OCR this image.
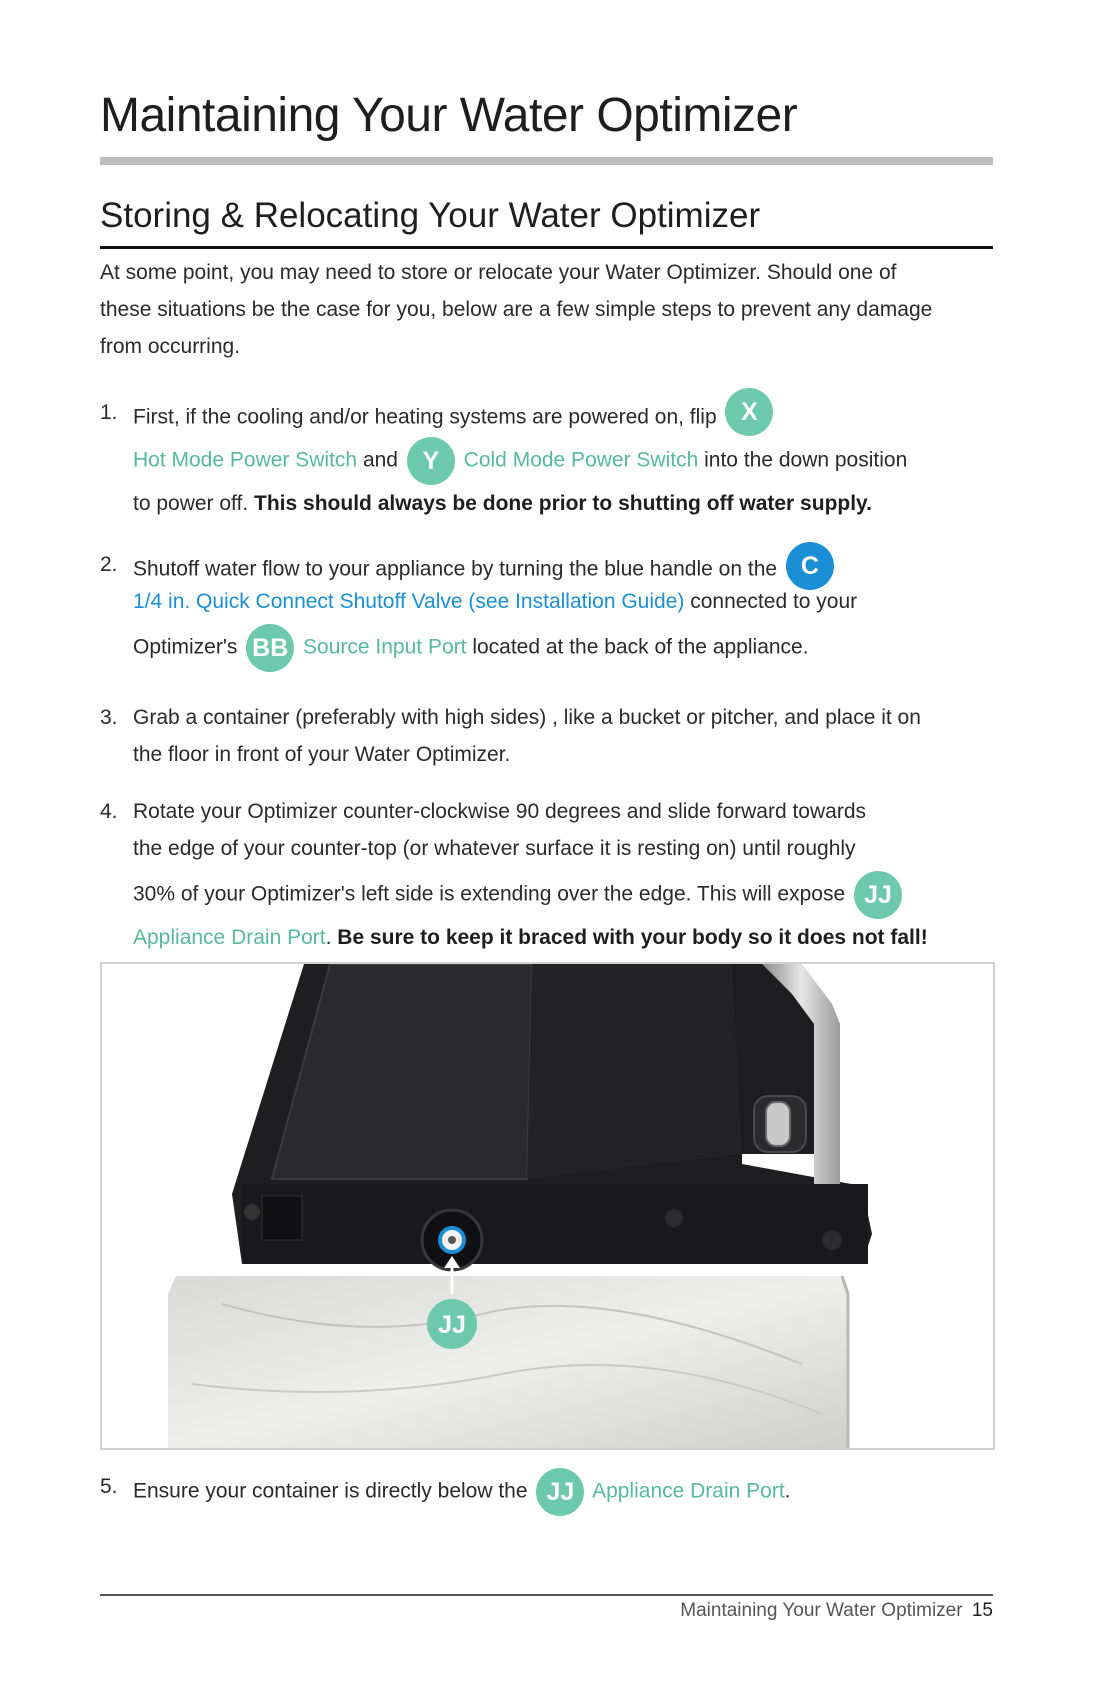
Maintaining Your Water Optimizer
Storing & Relocating Your Water Optimizer

At some point, you may need to store or relocate your Water Optimizer. Should one of
these situations be the case for you, below are a few simple steps to prevent any damage
from occurring.

1. First, if the cooling and/or heating systems are powered on, flip X
Hot Mode Power Switch and Y Cold Mode Power Switch into the down position
to power off. This should always be done prior to shutting off water supply.
2. Shutoff water flow to your appliance by turning the blue handle on the C
1/4 in. Quick Connect Shutoff Valve (see Installation Guide) connected to your
Optimizer's BB Source Input Port located at the back of the appliance.
3. Grab a container (preferably with high sides) , like a bucket or pitcher, and place it on
the floor in front of your Water Optimizer.
4. Rotate your Optimizer counter-clockwise 90 degrees and slide forward towards
the edge of your counter-top (or whatever surface it is resting on) until roughly
30% of your Optimizer's left side is extending over the edge. This will expose JJ
Appliance Drain Port. Be sure to keep it braced with your body so it does not fall!
JJ
5. Ensure your container is directly below the JJ Appliance Drain Port.
Maintaining Your Water Optimizer 15
